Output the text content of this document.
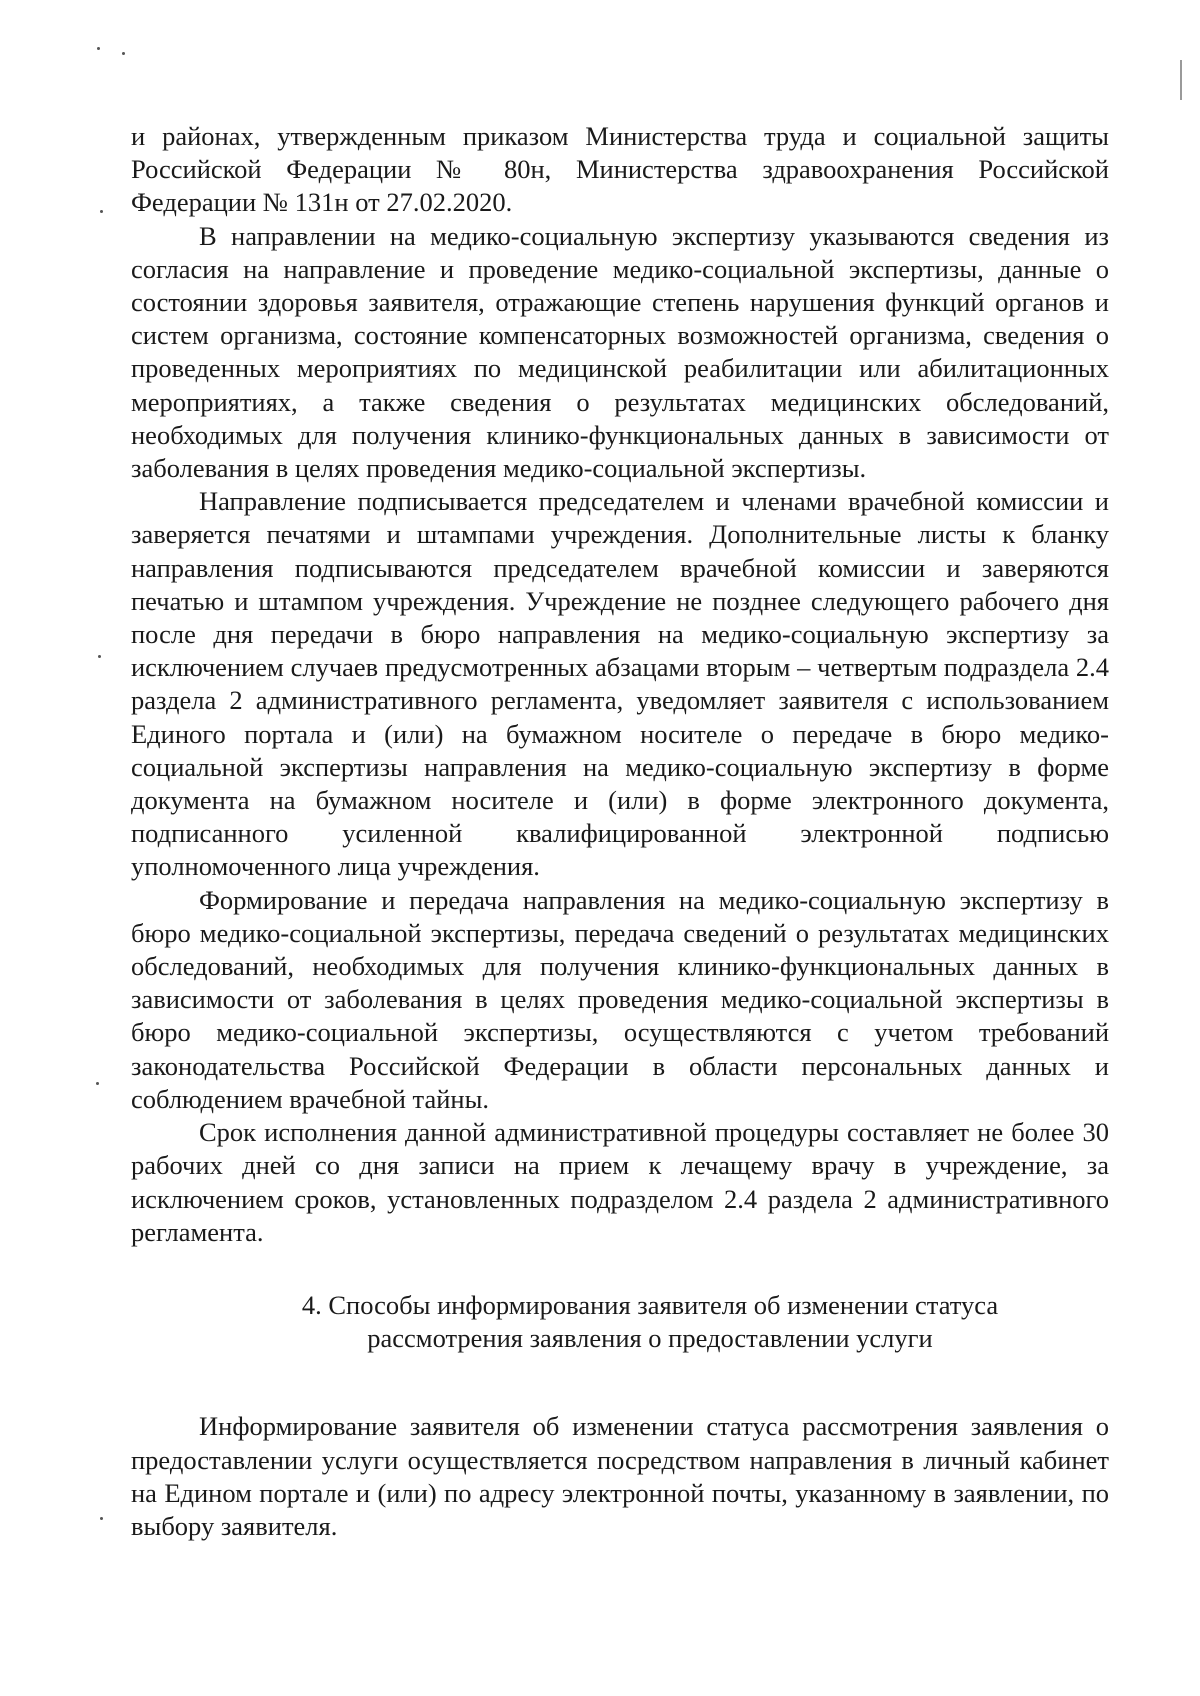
и районах, утвержденным приказом Министерства труда и социальной защиты Российской Федерации № 80н, Министерства здравоохранения Российской Федерации № 131н от 27.02.2020.

В направлении на медико-социальную экспертизу указываются сведения из согласия на направление и проведение медико-социальной экспертизы, данные о состоянии здоровья заявителя, отражающие степень нарушения функций органов и систем организма, состояние компенсаторных возможностей организма, сведения о проведенных мероприятиях по медицинской реабилитации или абилитационных мероприятиях, а также сведения о результатах медицинских обследований, необходимых для получения клинико-функциональных данных в зависимости от заболевания в целях проведения медико-социальной экспертизы.

Направление подписывается председателем и членами врачебной комиссии и заверяется печатями и штампами учреждения. Дополнительные листы к бланку направления подписываются председателем врачебной комиссии и заверяются печатью и штампом учреждения. Учреждение не позднее следующего рабочего дня после дня передачи в бюро направления на медико-социальную экспертизу за исключением случаев предусмотренных абзацами вторым – четвертым подраздела 2.4 раздела 2 административного регламента, уведомляет заявителя с использованием Единого портала и (или) на бумажном носителе о передаче в бюро медико-социальной экспертизы направления на медико-социальную экспертизу в форме документа на бумажном носителе и (или) в форме электронного документа, подписанного усиленной квалифицированной электронной подписью уполномоченного лица учреждения.

Формирование и передача направления на медико-социальную экспертизу в бюро медико-социальной экспертизы, передача сведений о результатах медицинских обследований, необходимых для получения клинико-функциональных данных в зависимости от заболевания в целях проведения медико-социальной экспертизы в бюро медико-социальной экспертизы, осуществляются с учетом требований законодательства Российской Федерации в области персональных данных и соблюдением врачебной тайны.

Срок исполнения данной административной процедуры составляет не более 30 рабочих дней со дня записи на прием к лечащему врачу в учреждение, за исключением сроков, установленных подразделом 2.4 раздела 2 административного регламента.

4. Способы информирования заявителя об изменении статуса

рассмотрения заявления о предоставлении услуги

Информирование заявителя об изменении статуса рассмотрения заявления о предоставлении услуги осуществляется посредством направления в личный кабинет на Едином портале и (или) по адресу электронной почты, указанному в заявлении, по выбору заявителя.
